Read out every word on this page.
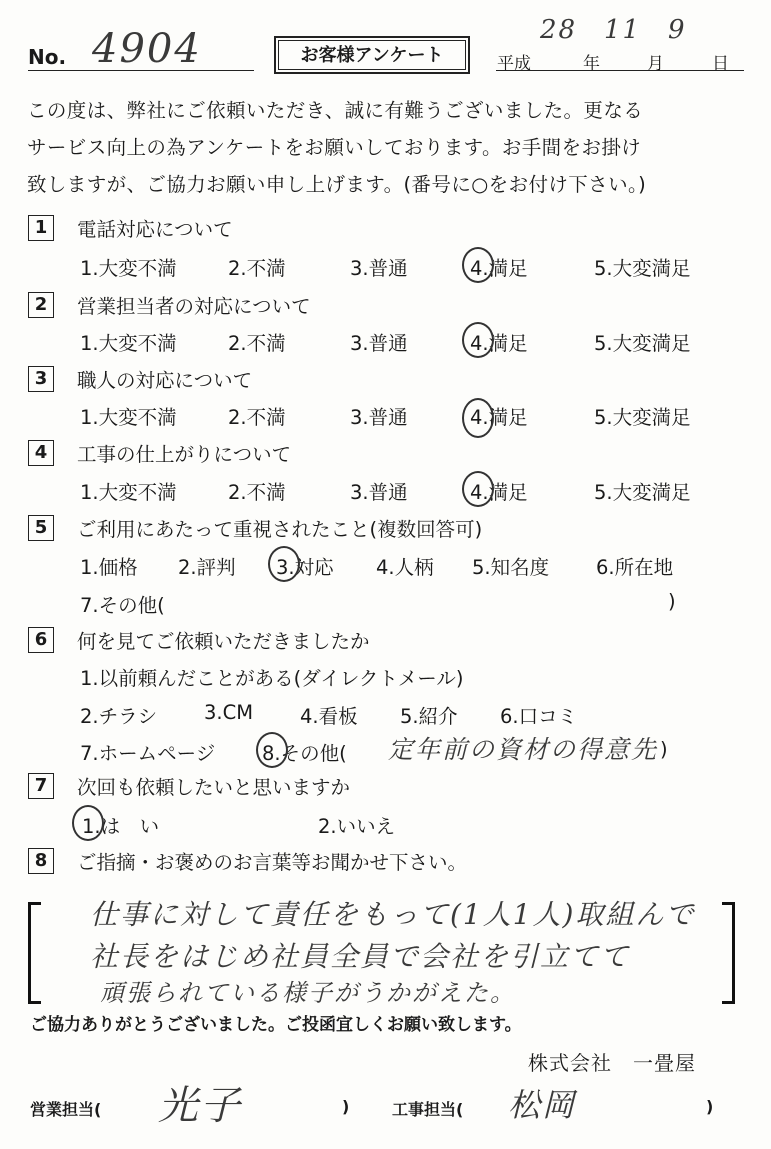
No. 4904	お客様アンケート	平成
28
年
11
月
9
日
この度は、弊社にご依頼いただき、誠に有難うございました。更なる
サービス向上の為アンケートをお願いしております。お手間をお掛け
致しますが、ご協力お願い申し上げます。(番号に○をお付け下さい。)
1	電話対応について
1.大変不満	2.不満	3.普通	4.満足	5.大変満足
2	営業担当者の対応について
1.大変不満	2.不満	3.普通	4.満足	5.大変満足
3	職人の対応について
1.大変不満	2.不満	3.普通	4.満足	5.大変満足
4	工事の仕上がりについて
1.大変不満	2.不満	3.普通	4.満足	5.大変満足
5	ご利用にあたって重視されたこと(複数回答可)
1.価格 2.評判 3.対応 4.人柄 5.知名度 6.所在地
7.その他(	)
6	何を見てご依頼いただきましたか
1.以前頼んだことがある(ダイレクトメール)
2.チラシ 3.CM 4.看板 5.紹介 6.口コミ
7.ホームページ 8.その他( 定年前の資材の得意先 )
7	次回も依頼したいと思いますか
1.は　い	2.いいえ
8	ご指摘・お褒めのお言葉等お聞かせ下さい。
仕事に対して責任をもって(1人1人)取組んで
社長をはじめ社員全員で会社を引立てて
頑張られている様子がうかがえた。
ご協力ありがとうございました。ご投函宜しくお願い致します。
株式会社　一畳屋
営業担当( 光子	)	工事担当( 松岡	)
